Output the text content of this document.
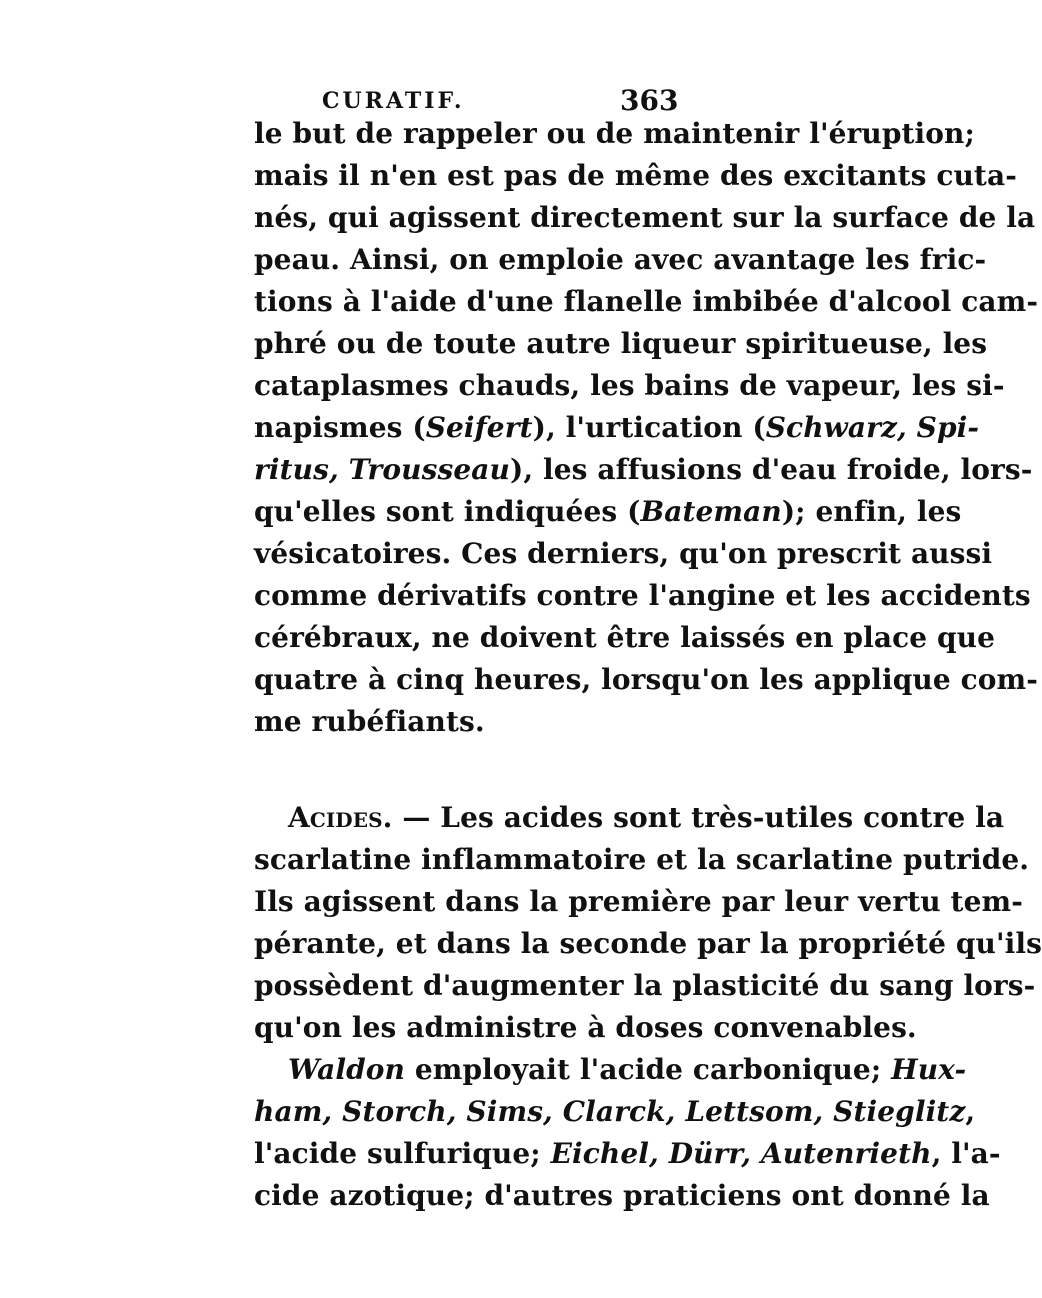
CURATIF.	363
le but de rappeler ou de maintenir l'éruption;
mais il n'en est pas de même des excitants cuta-
nés, qui agissent directement sur la surface de la
peau. Ainsi, on emploie avec avantage les fric-
tions à l'aide d'une flanelle imbibée d'alcool cam-
phré ou de toute autre liqueur spiritueuse, les
cataplasmes chauds, les bains de vapeur, les si-
napismes (Seifert), l'urtication (Schwarz, Spi-
ritus, Trousseau), les affusions d'eau froide, lors-
qu'elles sont indiquées (Bateman); enfin, les
vésicatoires. Ces derniers, qu'on prescrit aussi
comme dérivatifs contre l'angine et les accidents
cérébraux, ne doivent être laissés en place que
quatre à cinq heures, lorsqu'on les applique com-
me rubéfiants.
Acides. — Les acides sont très-utiles contre la
scarlatine inflammatoire et la scarlatine putride.
Ils agissent dans la première par leur vertu tem-
pérante, et dans la seconde par la propriété qu'ils
possèdent d'augmenter la plasticité du sang lors-
qu'on les administre à doses convenables.
Waldon employait l'acide carbonique; Hux-
ham, Storch, Sims, Clarck, Lettsom, Stieglitz,
l'acide sulfurique; Eichel, Dürr, Autenrieth, l'a-
cide azotique; d'autres praticiens ont donné la
